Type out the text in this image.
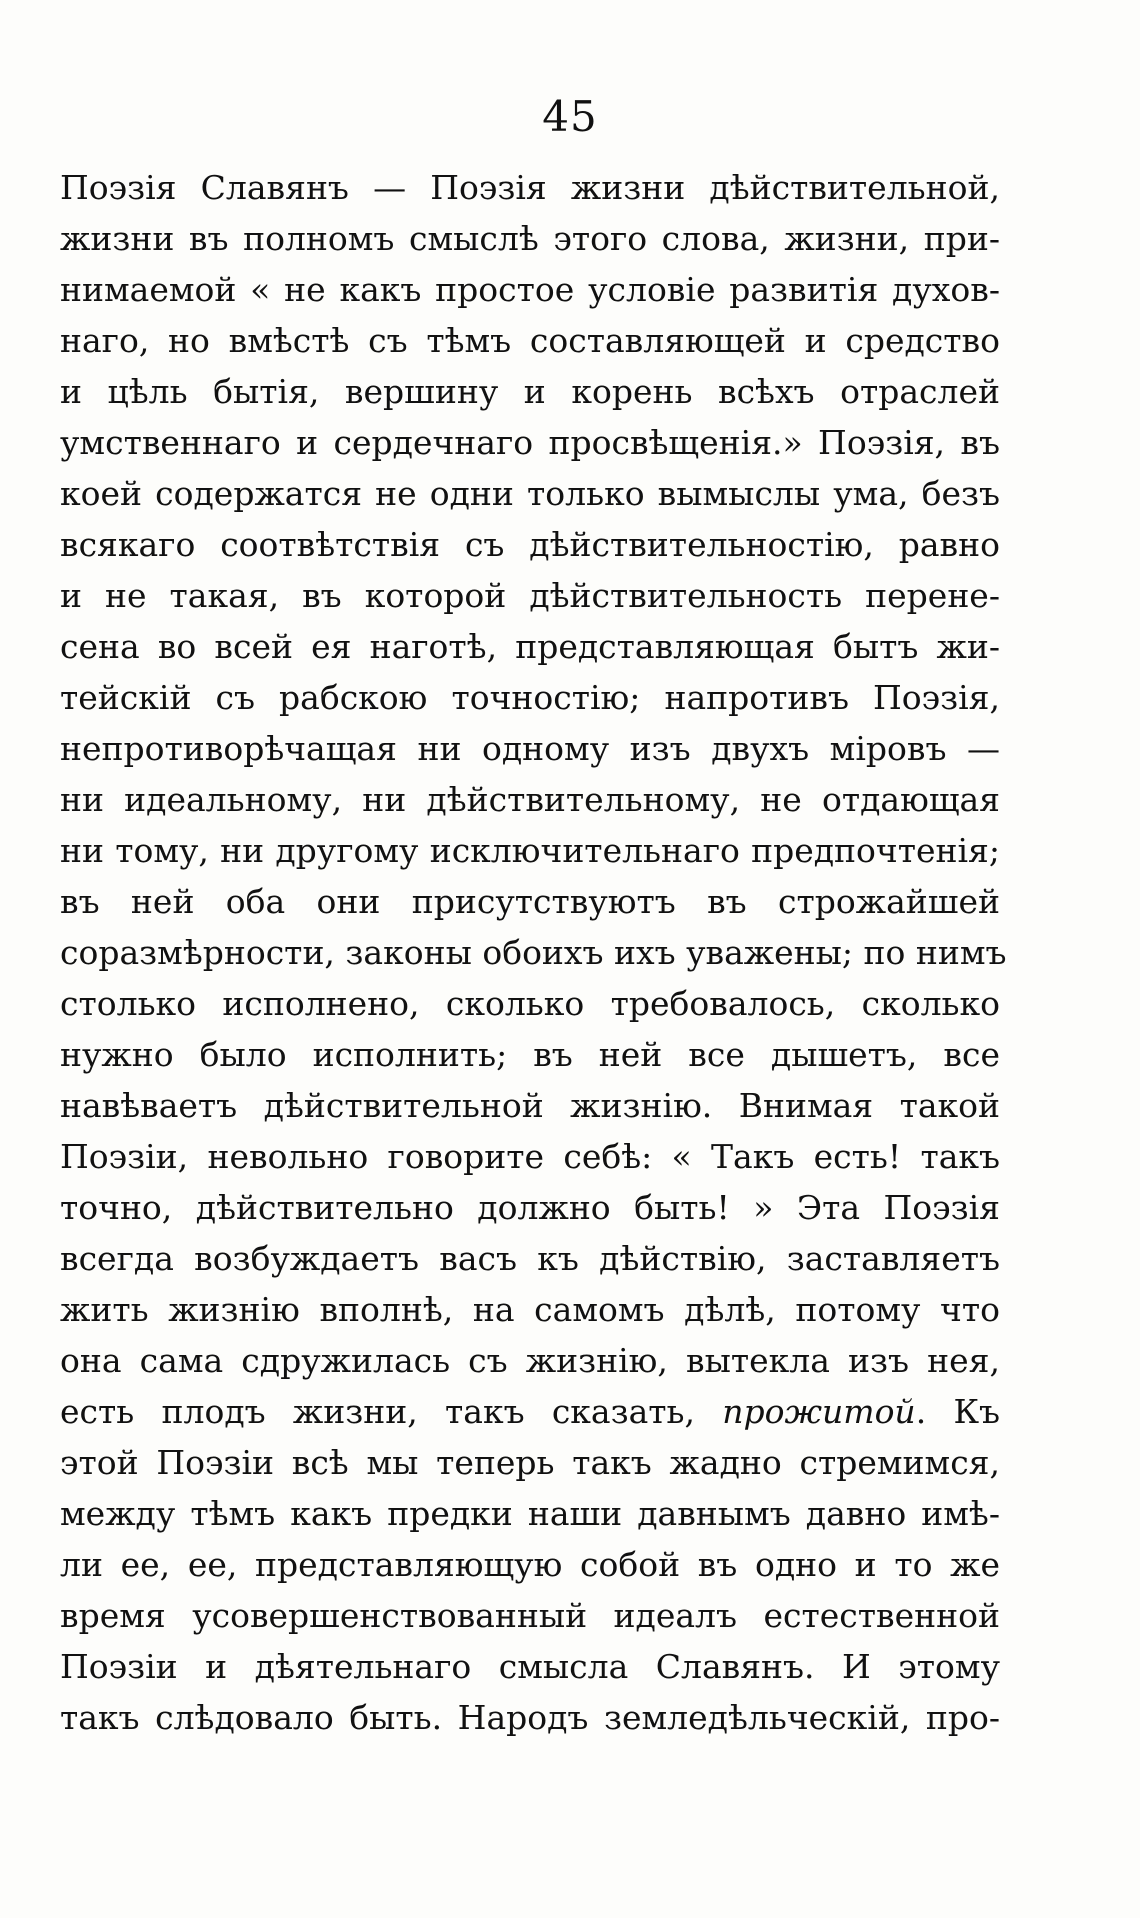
45
Поэзія Славянъ — Поэзія жизни дѣйствительной,
жизни въ полномъ смыслѣ этого слова, жизни, при-
нимаемой « не какъ простое условіе развитія духов-
наго, но вмѣстѣ съ тѣмъ составляющей и средство
и цѣль бытія, вершину и корень всѣхъ отраслей
умственнаго и сердечнаго просвѣщенія.» Поэзія, въ
коей содержатся не одни только вымыслы ума, безъ
всякаго соотвѣтствія съ дѣйствительностію, равно
и не такая, въ которой дѣйствительность перене-
сена во всей ея наготѣ, представляющая бытъ жи-
тейскій съ рабскою точностію; напротивъ Поэзія,
непротиворѣчащая ни одному изъ двухъ міровъ —
ни идеальному, ни дѣйствительному, не отдающая
ни тому, ни другому исключительнаго предпочтенія;
въ ней оба они присутствуютъ въ строжайшей
соразмѣрности, законы обоихъ ихъ уважены; по нимъ
столько исполнено, сколько требовалось, сколько
нужно было исполнить; въ ней все дышетъ, все
навѣваетъ дѣйствительной жизнію. Внимая такой
Поэзіи, невольно говорите себѣ: « Такъ есть! такъ
точно, дѣйствительно должно быть! » Эта Поэзія
всегда возбуждаетъ васъ къ дѣйствію, заставляетъ
жить жизнію вполнѣ, на самомъ дѣлѣ, потому что
она сама сдружилась съ жизнію, вытекла изъ нея,
есть плодъ жизни, такъ сказать, прожитой. Къ
этой Поэзіи всѣ мы теперь такъ жадно стремимся,
между тѣмъ какъ предки наши давнымъ давно имѣ-
ли ее, ее, представляющую собой въ одно и то же
время усовершенствованный идеалъ естественной
Поэзіи и дѣятельнаго смысла Славянъ. И этому
такъ слѣдовало быть. Народъ земледѣльческій, про-
